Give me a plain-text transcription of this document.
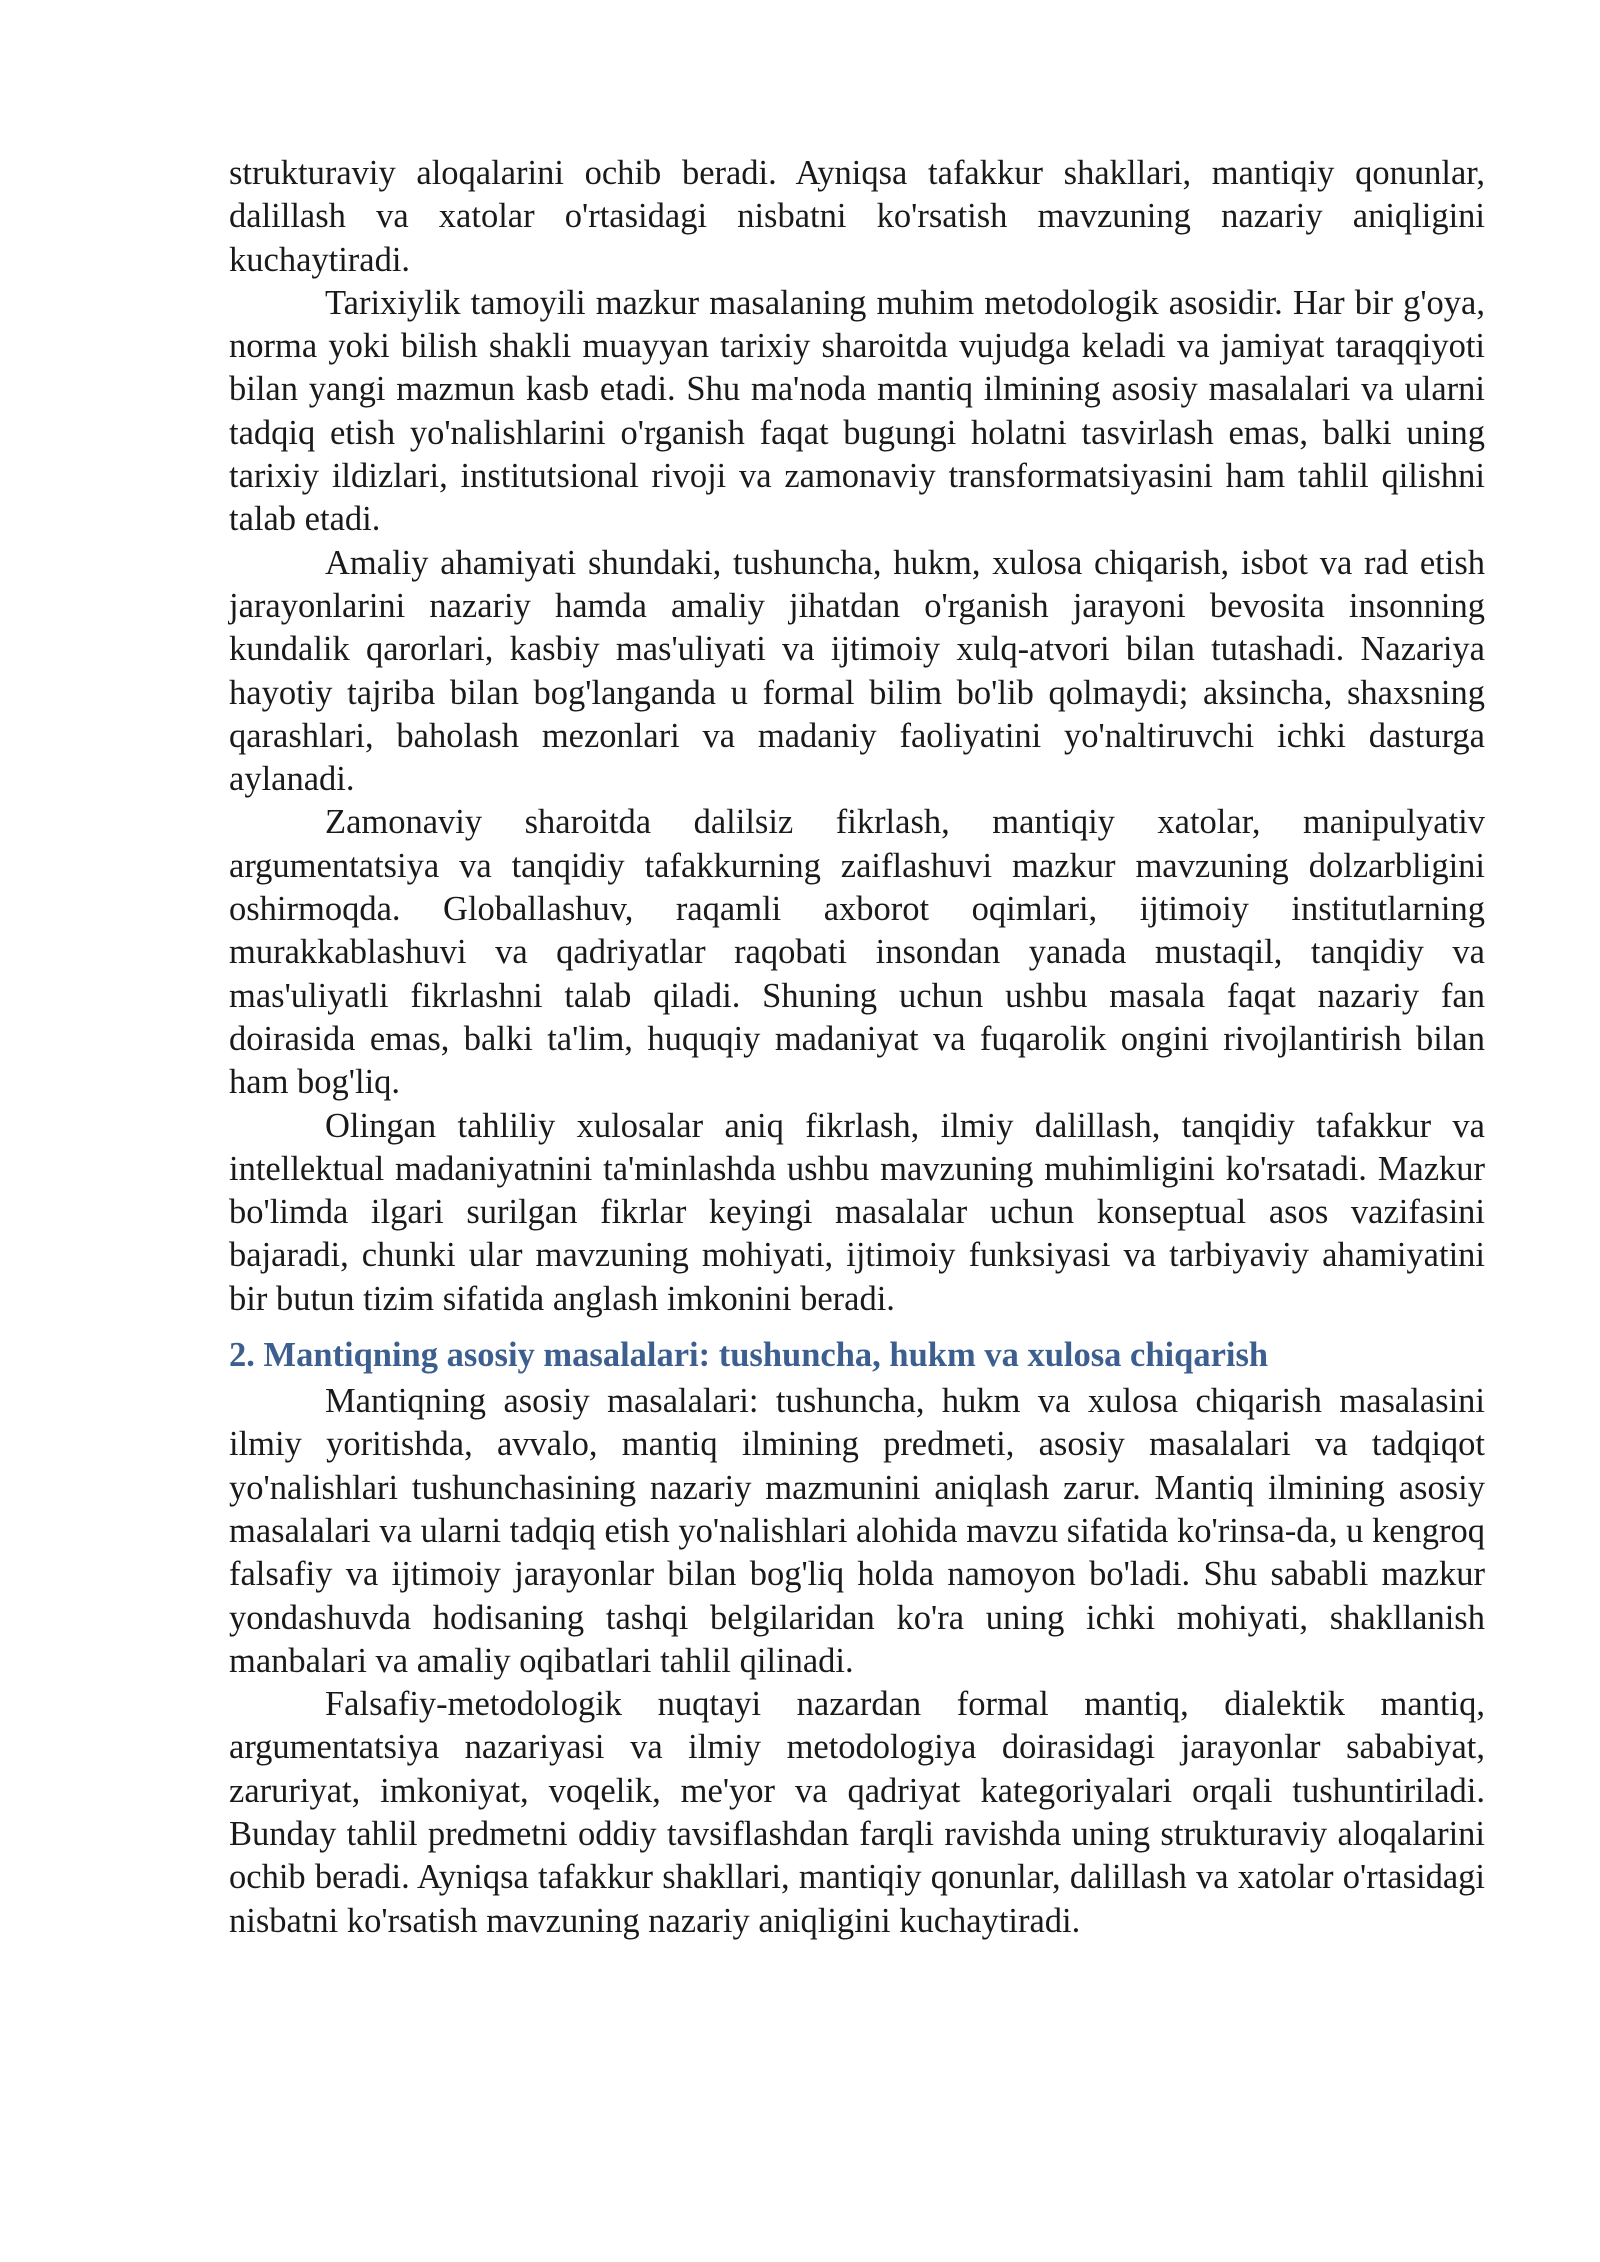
strukturaviy aloqalarini ochib beradi. Ayniqsa tafakkur shakllari, mantiqiy qonunlar, dalillash va xatolar o'rtasidagi nisbatni ko'rsatish mavzuning nazariy aniqligini kuchaytiradi.

Tarixiylik tamoyili mazkur masalaning muhim metodologik asosidir. Har bir g'oya, norma yoki bilish shakli muayyan tarixiy sharoitda vujudga keladi va jamiyat taraqqiyoti bilan yangi mazmun kasb etadi. Shu ma'noda mantiq ilmining asosiy masalalari va ularni tadqiq etish yo'nalishlarini o'rganish faqat bugungi holatni tasvirlash emas, balki uning tarixiy ildizlari, institutsional rivoji va zamonaviy transformatsiyasini ham tahlil qilishni talab etadi.

Amaliy ahamiyati shundaki, tushuncha, hukm, xulosa chiqarish, isbot va rad etish jarayonlarini nazariy hamda amaliy jihatdan o'rganish jarayoni bevosita insonning kundalik qarorlari, kasbiy mas'uliyati va ijtimoiy xulq-atvori bilan tutashadi. Nazariya hayotiy tajriba bilan bog'langanda u formal bilim bo'lib qolmaydi; aksincha, shaxsning qarashlari, baholash mezonlari va madaniy faoliyatini yo'naltiruvchi ichki dasturga aylanadi.

Zamonaviy sharoitda dalilsiz fikrlash, mantiqiy xatolar, manipulyativ argumentatsiya va tanqidiy tafakkurning zaiflashuvi mazkur mavzuning dolzarbligini oshirmoqda. Globallashuv, raqamli axborot oqimlari, ijtimoiy institutlarning murakkablashuvi va qadriyatlar raqobati insondan yanada mustaqil, tanqidiy va mas'uliyatli fikrlashni talab qiladi. Shuning uchun ushbu masala faqat nazariy fan doirasida emas, balki ta'lim, huquqiy madaniyat va fuqarolik ongini rivojlantirish bilan ham bog'liq.

Olingan tahliliy xulosalar aniq fikrlash, ilmiy dalillash, tanqidiy tafakkur va intellektual madaniyatnini ta'minlashda ushbu mavzuning muhimligini ko'rsatadi. Mazkur bo'limda ilgari surilgan fikrlar keyingi masalalar uchun konseptual asos vazifasini bajaradi, chunki ular mavzuning mohiyati, ijtimoiy funksiyasi va tarbiyaviy ahamiyatini bir butun tizim sifatida anglash imkonini beradi.

2. Mantiqning asosiy masalalari: tushuncha, hukm va xulosa chiqarish

Mantiqning asosiy masalalari: tushuncha, hukm va xulosa chiqarish masalasini ilmiy yoritishda, avvalo, mantiq ilmining predmeti, asosiy masalalari va tadqiqot yo'nalishlari tushunchasining nazariy mazmunini aniqlash zarur. Mantiq ilmining asosiy masalalari va ularni tadqiq etish yo'nalishlari alohida mavzu sifatida ko'rinsa-da, u kengroq falsafiy va ijtimoiy jarayonlar bilan bog'liq holda namoyon bo'ladi. Shu sababli mazkur yondashuvda hodisaning tashqi belgilaridan ko'ra uning ichki mohiyati, shakllanish manbalari va amaliy oqibatlari tahlil qilinadi.

Falsafiy-metodologik nuqtayi nazardan formal mantiq, dialektik mantiq, argumentatsiya nazariyasi va ilmiy metodologiya doirasidagi jarayonlar sababiyat, zaruriyat, imkoniyat, voqelik, me'yor va qadriyat kategoriyalari orqali tushuntiriladi. Bunday tahlil predmetni oddiy tavsiflashdan farqli ravishda uning strukturaviy aloqalarini ochib beradi. Ayniqsa tafakkur shakllari, mantiqiy qonunlar, dalillash va xatolar o'rtasidagi nisbatni ko'rsatish mavzuning nazariy aniqligini kuchaytiradi.
